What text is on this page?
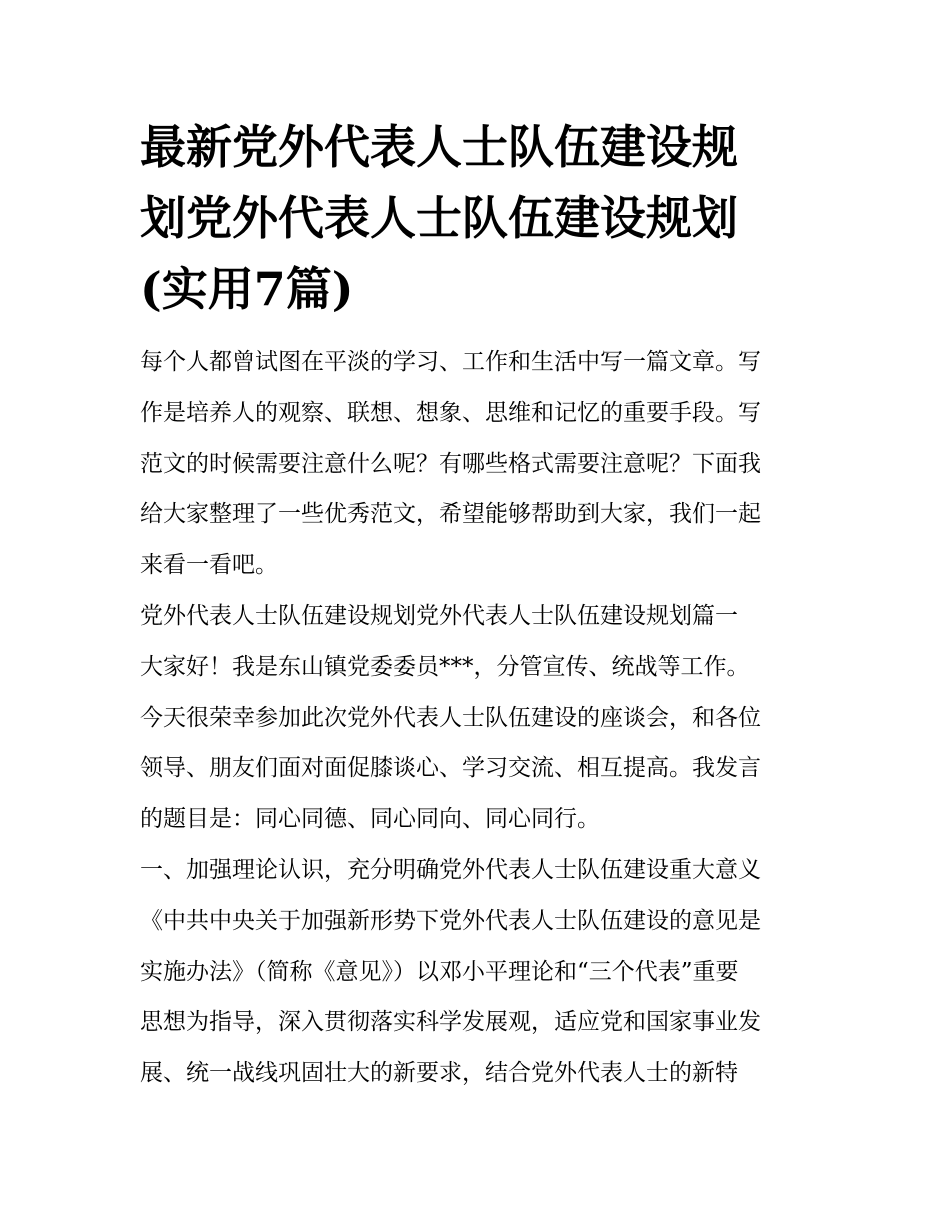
最新党外代表人士队伍建设规
划党外代表人士队伍建设规划
(实用7篇)
每个人都曾试图在平淡的学习、工作和生活中写一篇文章。写
作是培养人的观察、联想、想象、思维和记忆的重要手段。写
范文的时候需要注意什么呢？有哪些格式需要注意呢？下面我
给大家整理了一些优秀范文，希望能够帮助到大家，我们一起
来看一看吧。
党外代表人士队伍建设规划党外代表人士队伍建设规划篇一
大家好！我是东山镇党委委员***，分管宣传、统战等工作。
今天很荣幸参加此次党外代表人士队伍建设的座谈会，和各位
领导、朋友们面对面促膝谈心、学习交流、相互提高。我发言
的题目是：同心同德、同心同向、同心同行。
一、加强理论认识，充分明确党外代表人士队伍建设重大意义
《中共中央关于加强新形势下党外代表人士队伍建设的意见是
实施办法》（简称《意见》）以邓小平理论和“三个代表”重要
思想为指导，深入贯彻落实科学发展观，适应党和国家事业发
展、统一战线巩固壮大的新要求，结合党外代表人士的新特
